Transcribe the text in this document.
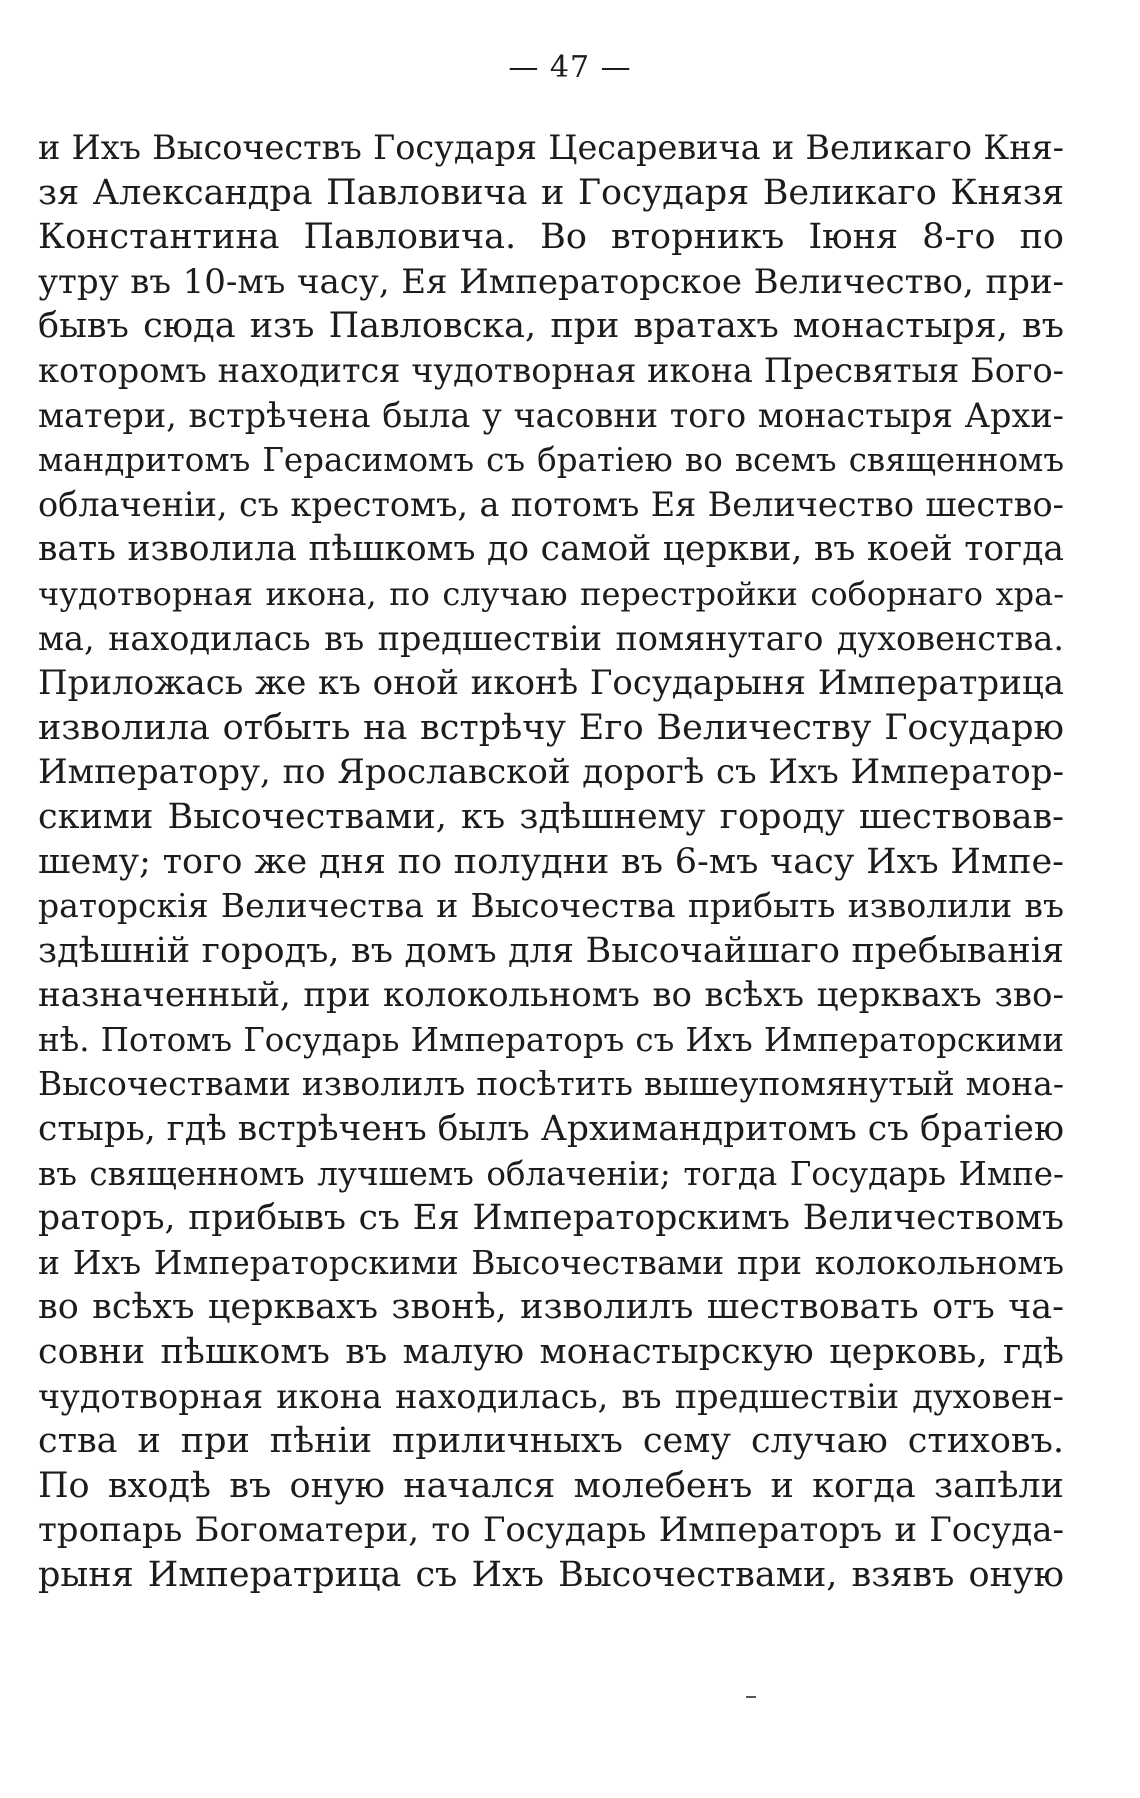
— 47 —
и Ихъ Высочествъ Государя Цесаревича и Великаго Кня-
зя Александра Павловича и Государя Великаго Князя
Константина Павловича. Во вторникъ Іюня 8-го по
утру въ 10-мъ часу, Ея Императорское Величество, при-
бывъ сюда изъ Павловска, при вратахъ монастыря, въ
которомъ находится чудотворная икона Пресвятыя Бого-
матери, встрѣчена была у часовни того монастыря Архи-
мандритомъ Герасимомъ съ братіею во всемъ священномъ
облаченіи, съ крестомъ, а потомъ Ея Величество шество-
вать изволила пѣшкомъ до самой церкви, въ коей тогда
чудотворная икона, по случаю перестройки соборнаго хра-
ма, находилась въ предшествіи помянутаго духовенства.
Приложась же къ оной иконѣ Государыня Императрица
изволила отбыть на встрѣчу Его Величеству Государю
Императору, по Ярославской дорогѣ съ Ихъ Император-
скими Высочествами, къ здѣшнему городу шествовав-
шему; того же дня по полудни въ 6-мъ часу Ихъ Импе-
раторскія Величества и Высочества прибыть изволили въ
здѣшній городъ, въ домъ для Высочайшаго пребыванія
назначенный, при колокольномъ во всѣхъ церквахъ зво-
нѣ. Потомъ Государь Императоръ съ Ихъ Императорскими
Высочествами изволилъ посѣтить вышеупомянутый мона-
стырь, гдѣ встрѣченъ былъ Архимандритомъ съ братіею
въ священномъ лучшемъ облаченіи; тогда Государь Импе-
раторъ, прибывъ съ Ея Императорскимъ Величествомъ
и Ихъ Императорскими Высочествами при колокольномъ
во всѣхъ церквахъ звонѣ, изволилъ шествовать отъ ча-
совни пѣшкомъ въ малую монастырскую церковь, гдѣ
чудотворная икона находилась, въ предшествіи духовен-
ства и при пѣніи приличныхъ сему случаю стиховъ.
По входѣ въ оную начался молебенъ и когда запѣли
тропарь Богоматери, то Государь Императоръ и Госуда-
рыня Императрица съ Ихъ Высочествами, взявъ оную
